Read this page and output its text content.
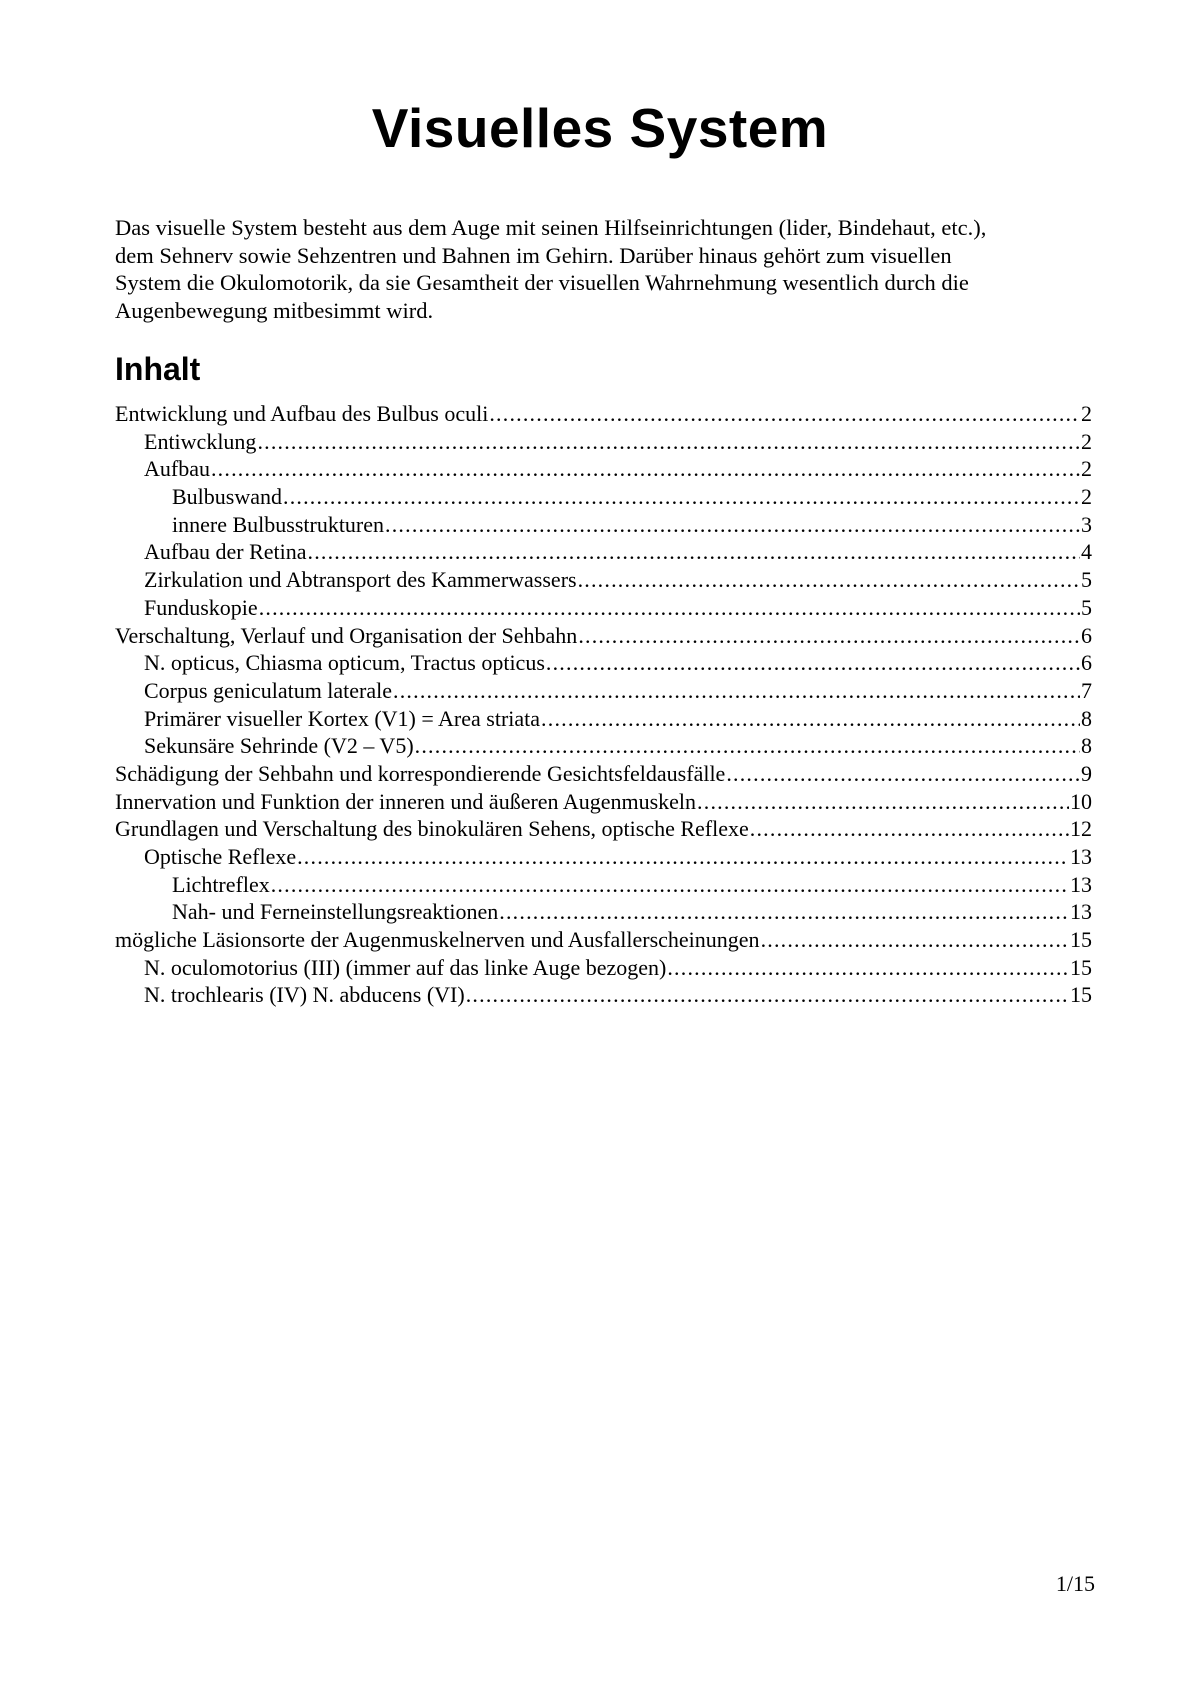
Visuelles System

Das visuelle System besteht aus dem Auge mit seinen Hilfseinrichtungen (lider, Bindehaut, etc.),
dem Sehnerv sowie Sehzentren und Bahnen im Gehirn. Darüber hinaus gehört zum visuellen
System die Okulomotorik, da sie Gesamtheit der visuellen Wahrnehmung wesentlich durch die
Augenbewegung mitbesimmt wird.

Inhalt
Entwicklung und Aufbau des Bulbus oculi .....	2
Entiwcklung .....	2
Aufbau .....	2
Bulbuswand .....	2
innere Bulbusstrukturen .....	3
Aufbau der Retina .....	4
Zirkulation und Abtransport des Kammerwassers .....	5
Funduskopie .....	5
Verschaltung, Verlauf und Organisation der Sehbahn .....	6
N. opticus, Chiasma opticum, Tractus opticus .....	6
Corpus geniculatum laterale .....	7
Primärer visueller Kortex (V1) = Area striata .....	8
Sekunsäre Sehrinde (V2 – V5) .....	8
Schädigung der Sehbahn und korrespondierende Gesichtsfeldausfälle .....	9
Innervation und Funktion der inneren und äußeren Augenmuskeln .....	10
Grundlagen und Verschaltung des binokulären Sehens, optische Reflexe .....	12
Optische Reflexe .....	13
Lichtreflex .....	13
Nah- und Ferneinstellungsreaktionen .....	13
mögliche Läsionsorte der Augenmuskelnerven und Ausfallerscheinungen .....	15
N. oculomotorius (III) (immer auf das linke Auge bezogen) .....	15
N. trochlearis (IV) N. abducens (VI) .....	15
1/15
